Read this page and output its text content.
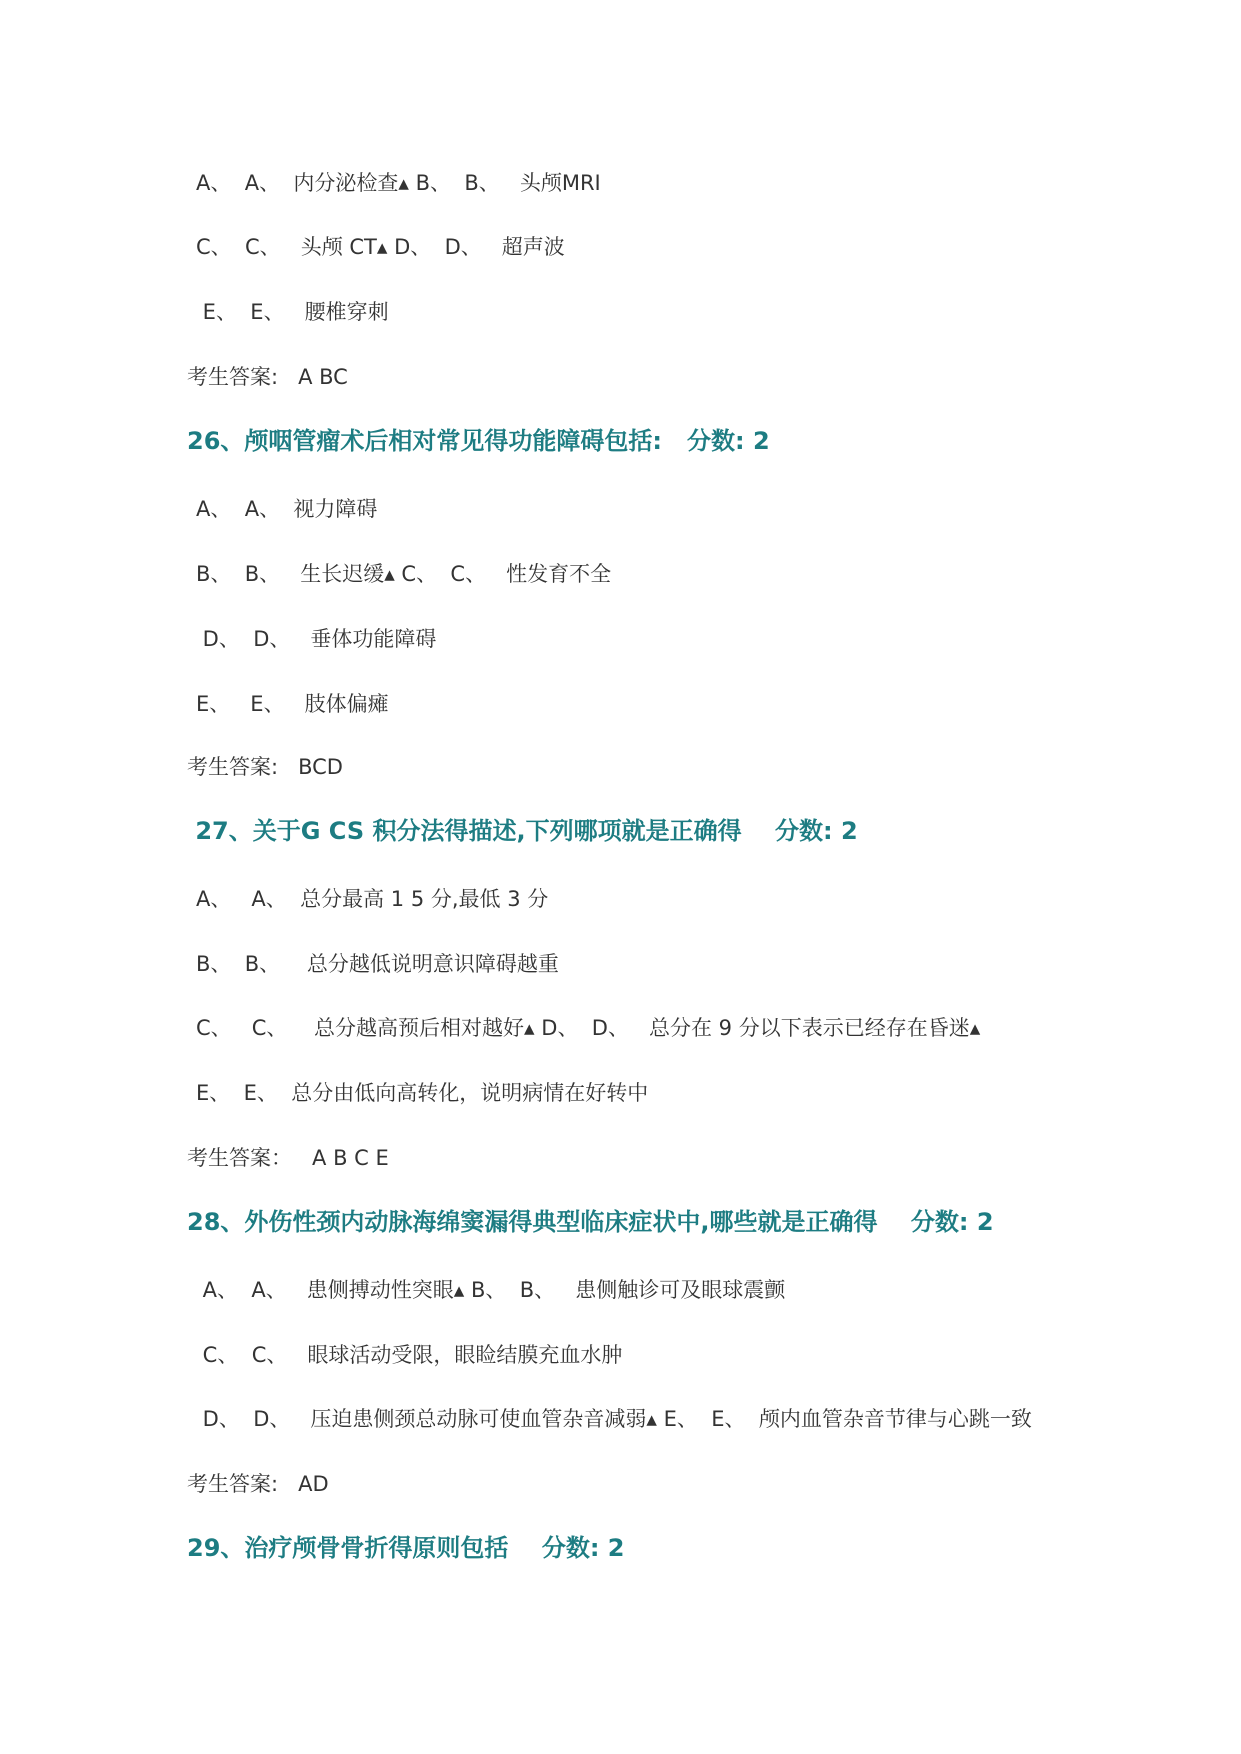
A、  A、  内分泌检查▴ B、  B、   头颅MRI
C、  C、   头颅 CT▴ D、  D、   超声波
E、  E、   腰椎穿刺
考生答案:   A BC
26、颅咽管瘤术后相对常见得功能障碍包括:   分数: 2
A、  A、  视力障碍
B、  B、   生长迟缓▴ C、  C、   性发育不全
D、  D、   垂体功能障碍
E、   E、   肢体偏瘫
考生答案:   BCD
27、关于G CS 积分法得描述,下列哪项就是正确得    分数: 2
A、   A、  总分最高 1 5 分,最低 3 分
B、  B、    总分越低说明意识障碍越重
C、   C、    总分越高预后相对越好▴ D、  D、   总分在 9 分以下表示已经存在昏迷▴
E、  E、  总分由低向高转化，说明病情在好转中
考生答案：   A B C E
28、外伤性颈内动脉海绵窦漏得典型临床症状中,哪些就是正确得    分数: 2
A、  A、   患侧搏动性突眼▴ B、  B、   患侧触诊可及眼球震颤
C、  C、   眼球活动受限，眼睑结膜充血水肿
D、  D、   压迫患侧颈总动脉可使血管杂音减弱▴ E、  E、  颅内血管杂音节律与心跳一致
考生答案:   AD
29、治疗颅骨骨折得原则包括    分数: 2
